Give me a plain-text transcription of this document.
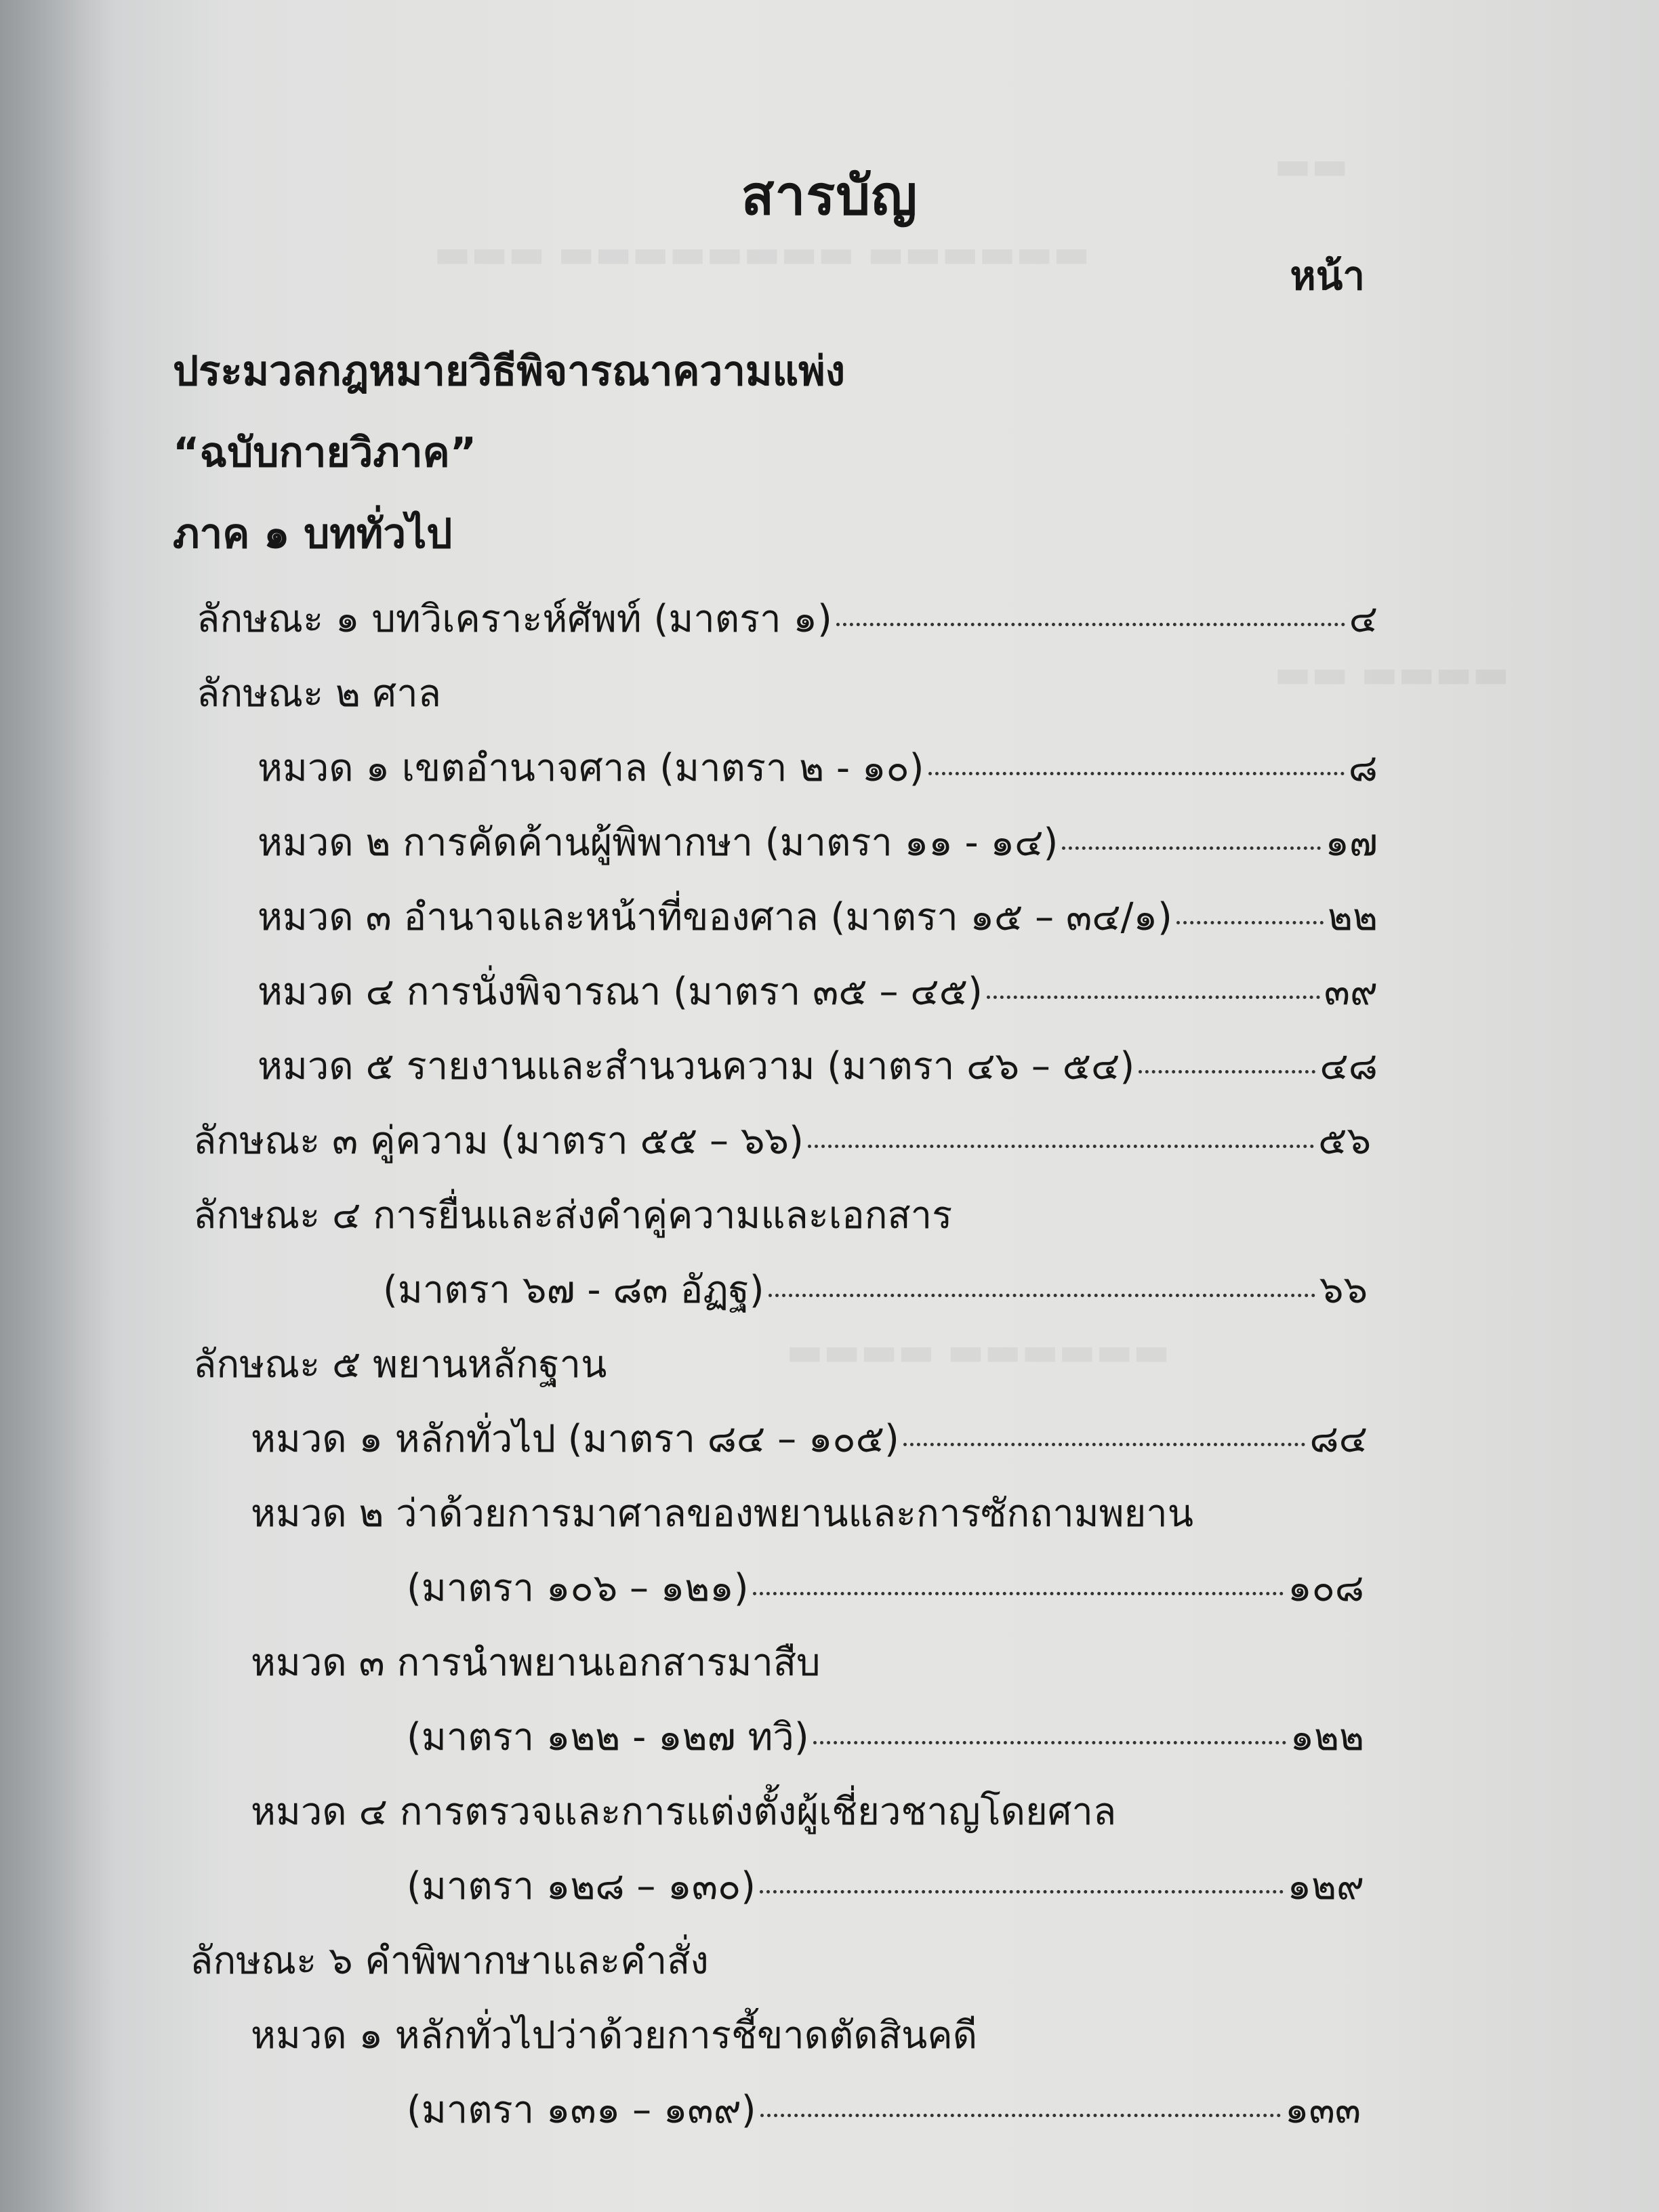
▬▬▬ ▬▬▬▬▬▬▬▬ ▬▬▬▬▬▬
▬▬
▬▬ ▬▬▬▬
▬▬▬▬ ▬▬▬▬▬▬
สารบัญ
หน้า
ประมวลกฎหมายวิธีพิจารณาความแพ่ง
“ฉบับกายวิภาค”
ภาค ๑ บททั่วไป
ลักษณะ ๑ บทวิเคราะห์ศัพท์ (มาตรา ๑)	๔
ลักษณะ ๒ ศาล
หมวด ๑ เขตอำนาจศาล (มาตรา ๒ - ๑๐)	๘
หมวด ๒ การคัดค้านผู้พิพากษา (มาตรา ๑๑ - ๑๔)	๑๗
หมวด ๓ อำนาจและหน้าที่ของศาล (มาตรา ๑๕ – ๓๔/๑)	๒๒
หมวด ๔ การนั่งพิจารณา (มาตรา ๓๕ – ๔๕)	๓๙
หมวด ๕ รายงานและสำนวนความ (มาตรา ๔๖ – ๕๔)	๔๘
ลักษณะ ๓ คู่ความ (มาตรา ๕๕ – ๖๖)	๕๖
ลักษณะ ๔ การยื่นและส่งคำคู่ความและเอกสาร
(มาตรา ๖๗ - ๘๓ อัฏฐ)	๖๖
ลักษณะ ๕ พยานหลักฐาน
หมวด ๑ หลักทั่วไป (มาตรา ๘๔ – ๑๐๕)	๘๔
หมวด ๒ ว่าด้วยการมาศาลของพยานและการซักถามพยาน
(มาตรา ๑๐๖ – ๑๒๑)	๑๐๘
หมวด ๓ การนำพยานเอกสารมาสืบ
(มาตรา ๑๒๒ - ๑๒๗ ทวิ)	๑๒๒
หมวด ๔ การตรวจและการแต่งตั้งผู้เชี่ยวชาญโดยศาล
(มาตรา ๑๒๘ – ๑๓๐)	๑๒๙
ลักษณะ ๖ คำพิพากษาและคำสั่ง
หมวด ๑ หลักทั่วไปว่าด้วยการชี้ขาดตัดสินคดี
(มาตรา ๑๓๑ – ๑๓๙)	๑๓๓
